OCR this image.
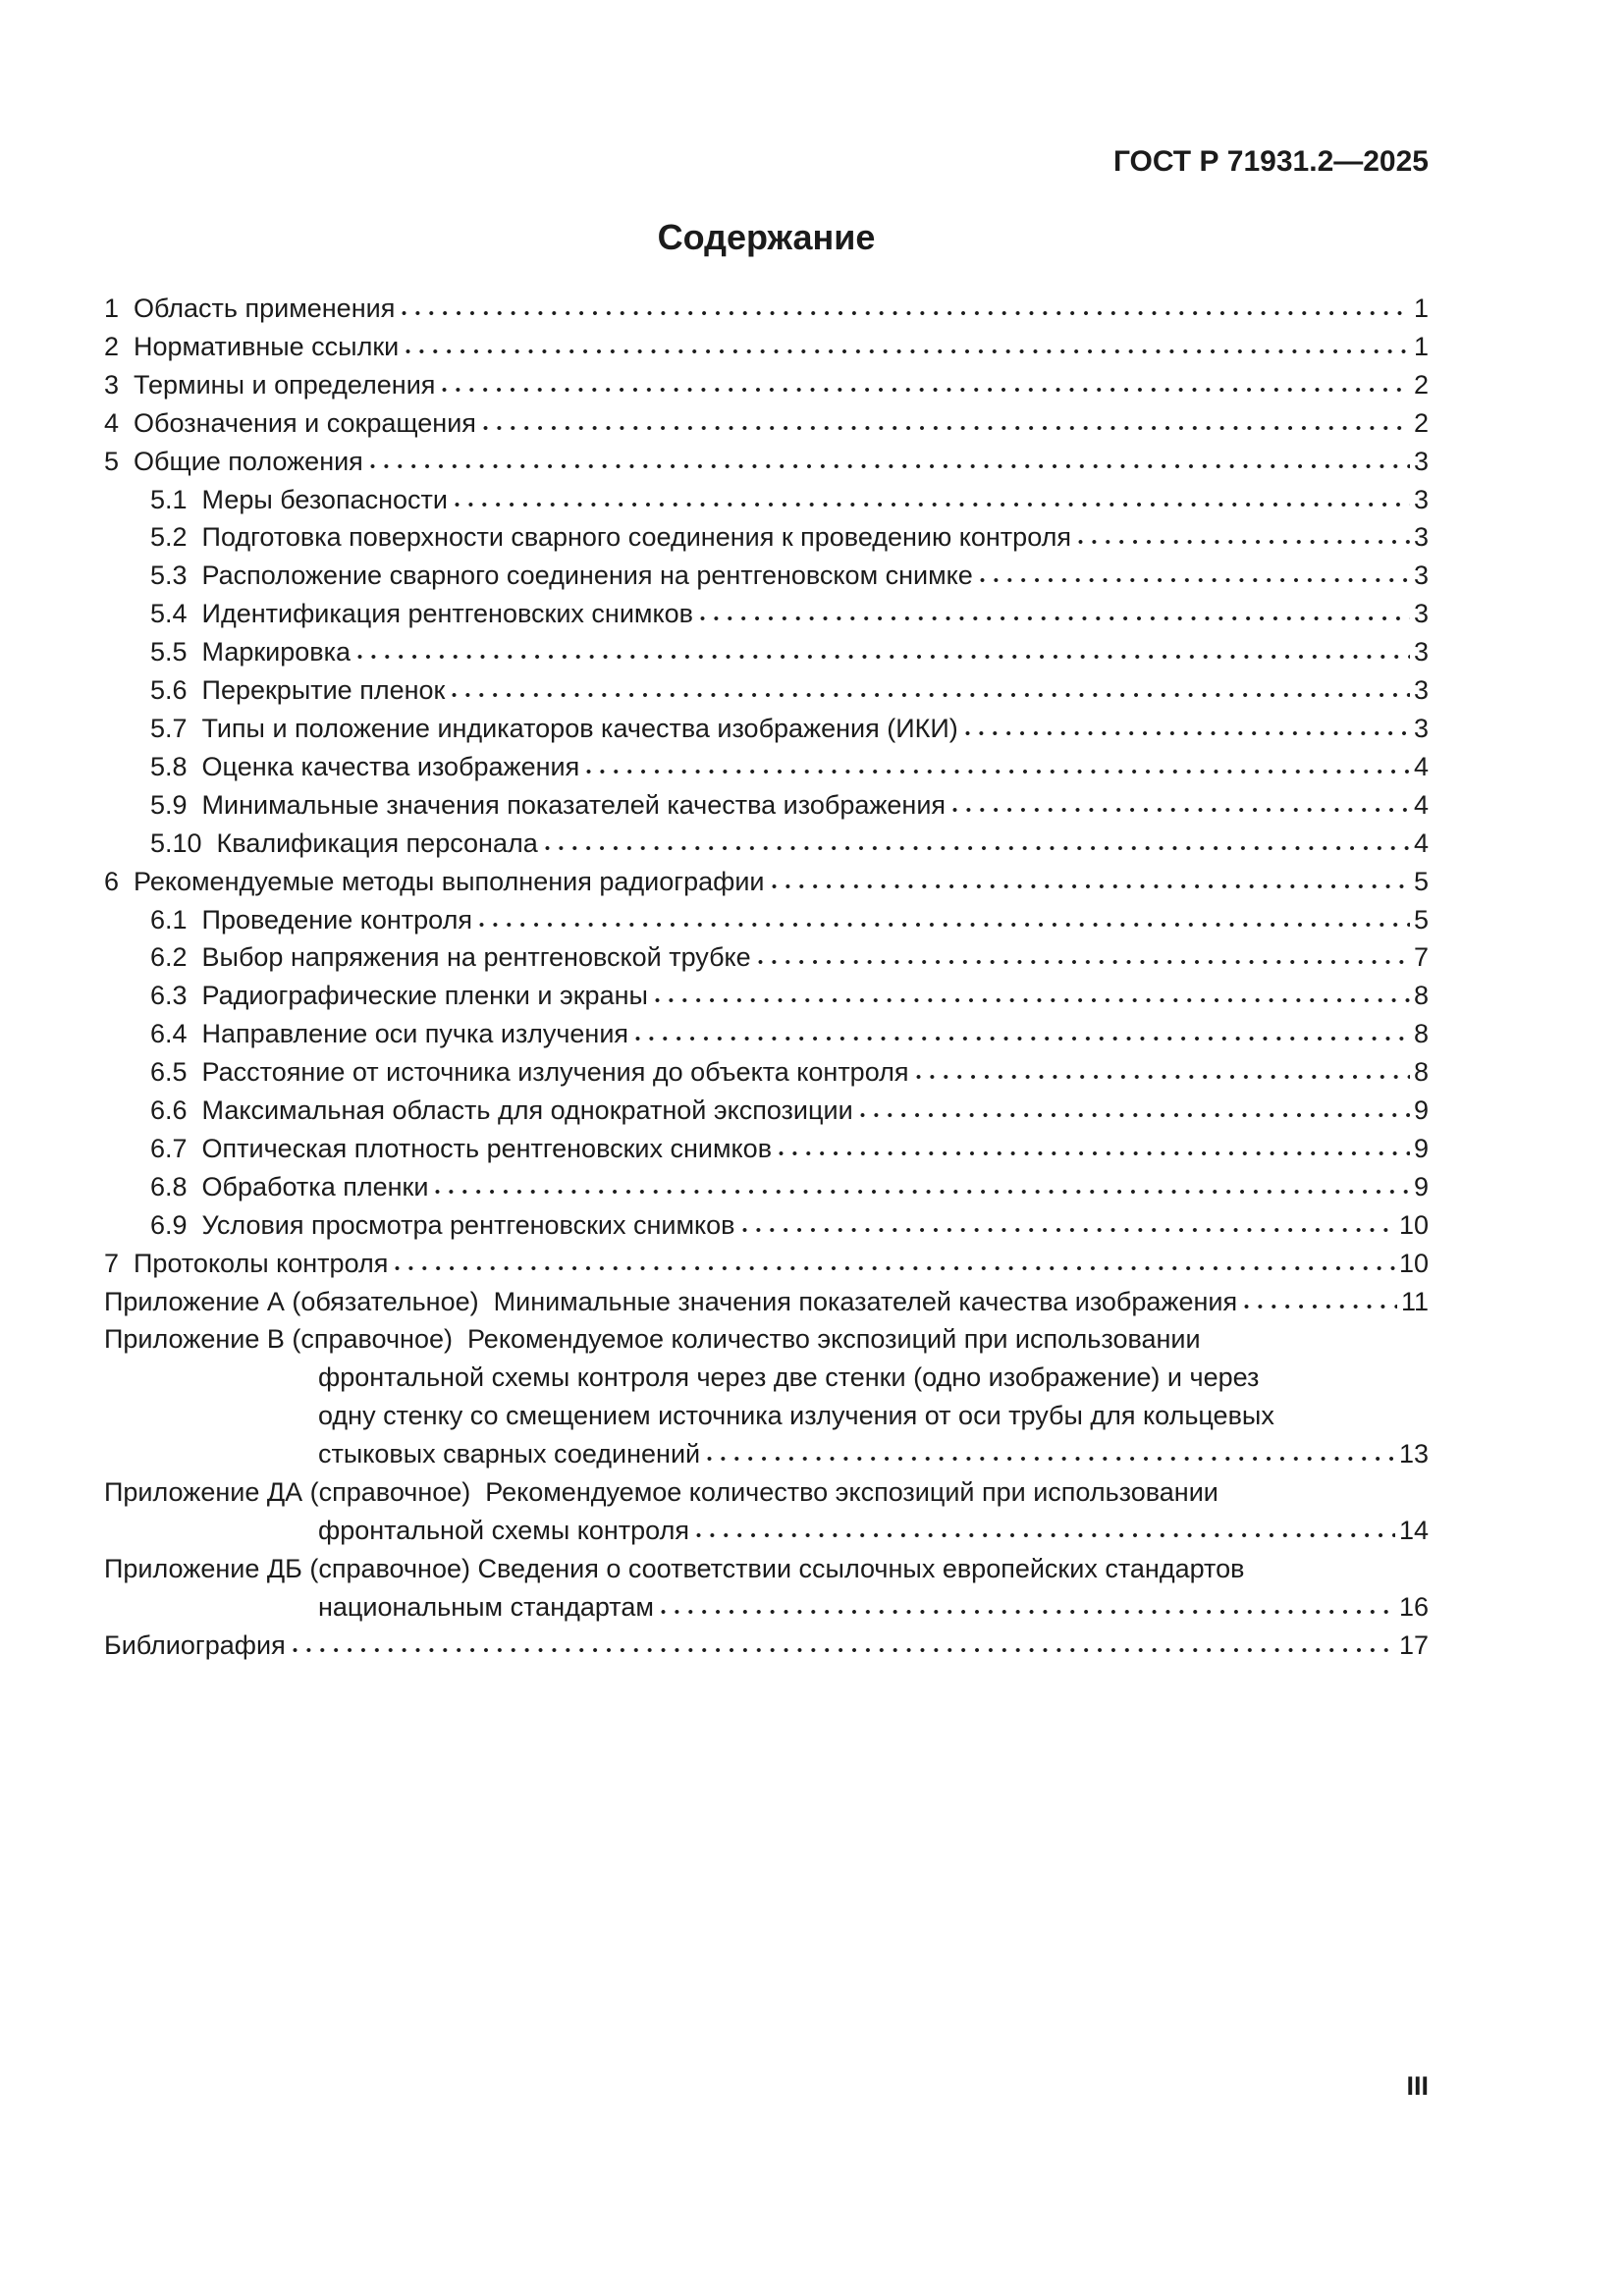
ГОСТ Р 71931.2—2025
Содержание
1  Область применения	1
2  Нормативные ссылки	1
3  Термины и определения	2
4  Обозначения и сокращения	2
5  Общие положения	3
5.1  Меры безопасности	3
5.2  Подготовка поверхности сварного соединения к проведению контроля	3
5.3  Расположение сварного соединения на рентгеновском снимке	3
5.4  Идентификация рентгеновских снимков	3
5.5  Маркировка	3
5.6  Перекрытие пленок	3
5.7  Типы и положение индикаторов качества изображения (ИКИ)	3
5.8  Оценка качества изображения	4
5.9  Минимальные значения показателей качества изображения	4
5.10  Квалификация персонала	4
6  Рекомендуемые методы выполнения радиографии	5
6.1  Проведение контроля	5
6.2  Выбор напряжения на рентгеновской трубке	7
6.3  Радиографические пленки и экраны	8
6.4  Направление оси пучка излучения	8
6.5  Расстояние от источника излучения до объекта контроля	8
6.6  Максимальная область для однократной экспозиции	9
6.7  Оптическая плотность рентгеновских снимков	9
6.8  Обработка пленки	9
6.9  Условия просмотра рентгеновских снимков	10
7  Протоколы контроля	10
Приложение А (обязательное)  Минимальные значения показателей качества изображения	11
Приложение В (справочное)  Рекомендуемое количество экспозиций при использовании
фронтальной схемы контроля через две стенки (одно изображение) и через
одну стенку со смещением источника излучения от оси трубы для кольцевых
стыковых сварных соединений	13
Приложение ДА (справочное)  Рекомендуемое количество экспозиций при использовании
фронтальной схемы контроля	14
Приложение ДБ (справочное) Сведения о соответствии ссылочных европейских стандартов
национальным стандартам	16
Библиография	17
III
